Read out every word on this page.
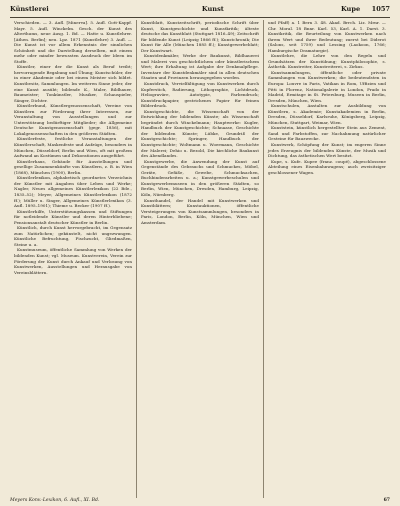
Künstlerei	Kunst	Kupe 1057

Verschieden. — 3. Aufl. [Minerva]. 5. Aufl. Gott-Kappf. Mayr. 5. Aufl. Winckelm. Gesch. der Kunst des Alterthums, neue Ausg. 1. Bd. — Hatte u. Kunstlehrer. [Athen. Berlin]; neu. Lpz. 1871 (Kunstlehre) 3. Aufl. — Die Kunst ist vor allem Erkenntnis der sinnlichen Schönheit und die Darstellung derselben, mit einem mehr oder minder bewussten Ausdruck der Ideen im Stoffe.

Künstler, einer der die Kunst als Beruf treibt; hervorragende Begabung und Übung; Kunstschüler, der in einer Akademie oder bei einem Meister sich bildet. Kunstbesitz, Sammlungen. Im weiteren Sinne jeder, der eine Kunst ausübt; bildende K., Maler, Bildhauer, Baumeister; Tonkünstler, Musiker, Schauspieler, Sänger, Dichter.

Künstlerbund, Künstlergenossenschaft, Vereine von Künstlern zur Förderung ihrer Interessen, zur Veranstaltung von Ausstellungen und zur Unterstützung bedürftiger Mitglieder; die Allgemeine Deutsche Kunstgenossenschaft (gegr. 1856), mit Lokalgenossenschaften in den größeren Städten.

Künstlerfeste, festliche Veranstaltungen der Künstlerschaft, Maskenfeste und Aufzüge, besonders in München, Düsseldorf, Berlin und Wien, oft mit großem Aufwand an Kostümen und Dekorationen ausgeführt.

Künstlerhaus, Gebäude für Ausstellungen und gesellige Zusammenkünfte von Künstlern, z. B. in Wien (1868), München (1900), Berlin.

Künstlerlexikon, alphabetisch geordnetes Verzeichnis der Künstler mit Angaben über Leben und Werke; Nagler, Neues allgemeines Künstlerlexikon (22 Bde., 1835–52); Meyer, Allgemeines Künstlerlexikon (1872 ff.); Müller u. Singer, Allgemeines Künstlerlexikon (3. Aufl. 1895–1901); Thieme u. Becker (1907 ff.).

Künstlerhilfe, Unterstützungskassen und Stiftungen für notleidende Künstler und deren Hinterbliebene; Pensionsanstalt deutscher Künstler in Berlin.

Künstlich, durch Kunst hervorgebracht, im Gegensatz zum Natürlichen; gekünstelt, nicht ungezwungen. Künstliche Befruchtung, Fischzucht, Gliedmaßen, Steine u. a.

Kunstmuseum, öffentliche Sammlung von Werken der bildenden Kunst; vgl. Museum. Kunstverein, Verein zur Förderung der Kunst durch Ankauf und Verlosung von Kunstwerken, Ausstellungen und Herausgabe von Vereinsblättern.

Kunstblatt, Kunstzeitschrift, periodische Schrift über Kunst, Kunstgeschichte und Kunstkritik; älteste deutsche das Kunstblatt (Stuttgart 1816–49); Zeitschrift für bildende Kunst (Leipzig 1866 ff.); Kunstchronik; Die Kunst für Alle (München 1885 ff.); Kunstgewerbeblatt; Der Kunstwart.

Kunstdenkmäler, Werke der Baukunst, Bildhauerei und Malerei von geschichtlichem oder künstlerischem Wert; ihre Erhaltung ist Aufgabe der Denkmalpflege. Inventare der Kunstdenkmäler sind in allen deutschen Staaten und Provinzen herausgegeben worden.

Kunstdruck, Vervielfältigung von Kunstwerken durch Kupferstich, Radierung, Lithographie, Lichtdruck, Heliogravüre, Autotypie, Farbendruck; Kunstdruckpapier, gestrichenes Papier für feinen Bilderdruck.

Kunstgeschichte, die Wissenschaft von der Entwicklung der bildenden Künste; als Wissenschaft begründet durch Winckelmann; Hauptwerke: Kugler, Handbuch der Kunstgeschichte; Schnaase, Geschichte der bildenden Künste; Lübke, Grundriß der Kunstgeschichte; Springer, Handbuch der Kunstgeschichte; Woltmann u. Woermann, Geschichte der Malerei; Dehio u. Bezold, Die kirchliche Baukunst des Abendlandes.

Kunstgewerbe, die Anwendung der Kunst auf Gegenstände des Gebrauchs und Schmuckes, Möbel, Geräte, Gefäße, Gewebe, Schmucksachen, Buchbinderarbeiten u. a.; Kunstgewerbeschulen und Kunstgewerbemuseen in den größeren Städten, so Berlin, Wien, München, Dresden, Hamburg, Leipzig, Köln, Nürnberg.

Kunsthandel, der Handel mit Kunstwerken und Kunstblättern; Kunstauktionen, öffentliche Versteigerungen von Kunstsammlungen, besonders in Paris, London, Berlin, Köln, München, Wien und Amsterdam.

und Pfaff) a. 1 Bern 3. 48. Akad. Brrch. Liz. Mrnr. — Chr. Moral. 18 Bnnr. Karl. 53, Karl. A. 1. Darst. 3. Kunstkritik, die Beurteilung von Kunstwerken nach ihrem Wert und ihrer Bedeutung; zuerst bei Diderot (Salons, seit 1759) und Lessing (Laokoon, 1766; Hamburgische Dramaturgie).

Kunstlehre, die Lehre von den Regeln und Grundsätzen der Kunstübung; Kunstphilosophie, s. Ästhetik. Kunstreiter, Kunstreiterei, s. Zirkus.

Kunstsammlungen, öffentliche oder private Sammlungen von Kunstwerken; die bedeutendsten in Europa: Louvre in Paris, Vatikan in Rom, Uffizien und Pitti in Florenz, Nationalgalerie in London, Prado in Madrid, Ermitage in St. Petersburg, Museen in Berlin, Dresden, München, Wien.

Kunstschulen, Anstalten zur Ausbildung von Künstlern, s. Akademie; Kunstakademien in Berlin, Dresden, Düsseldorf, Karlsruhe, Königsberg, Leipzig, München, Stuttgart, Weimar, Wien.

Kunststein, künstlich hergestellter Stein aus Zement, Sand und Farbstoffen, zur Nachahmung natürlicher Gesteine für Bauzwecke.

Kunstwerk, Schöpfung der Kunst; im engeren Sinne jedes Erzeugnis der bildenden Künste, der Musik und Dichtung, das ästhetischen Wert besitzt.

Kupe, s. Kufe. Kupee (franz. coupé), abgeschlossene Abteilung eines Eisenbahnwagens; auch zweisitziger geschlossener Wagen.

Meyers Konv.-Lexikon, 6. Aufl., XI. Bd.	67
